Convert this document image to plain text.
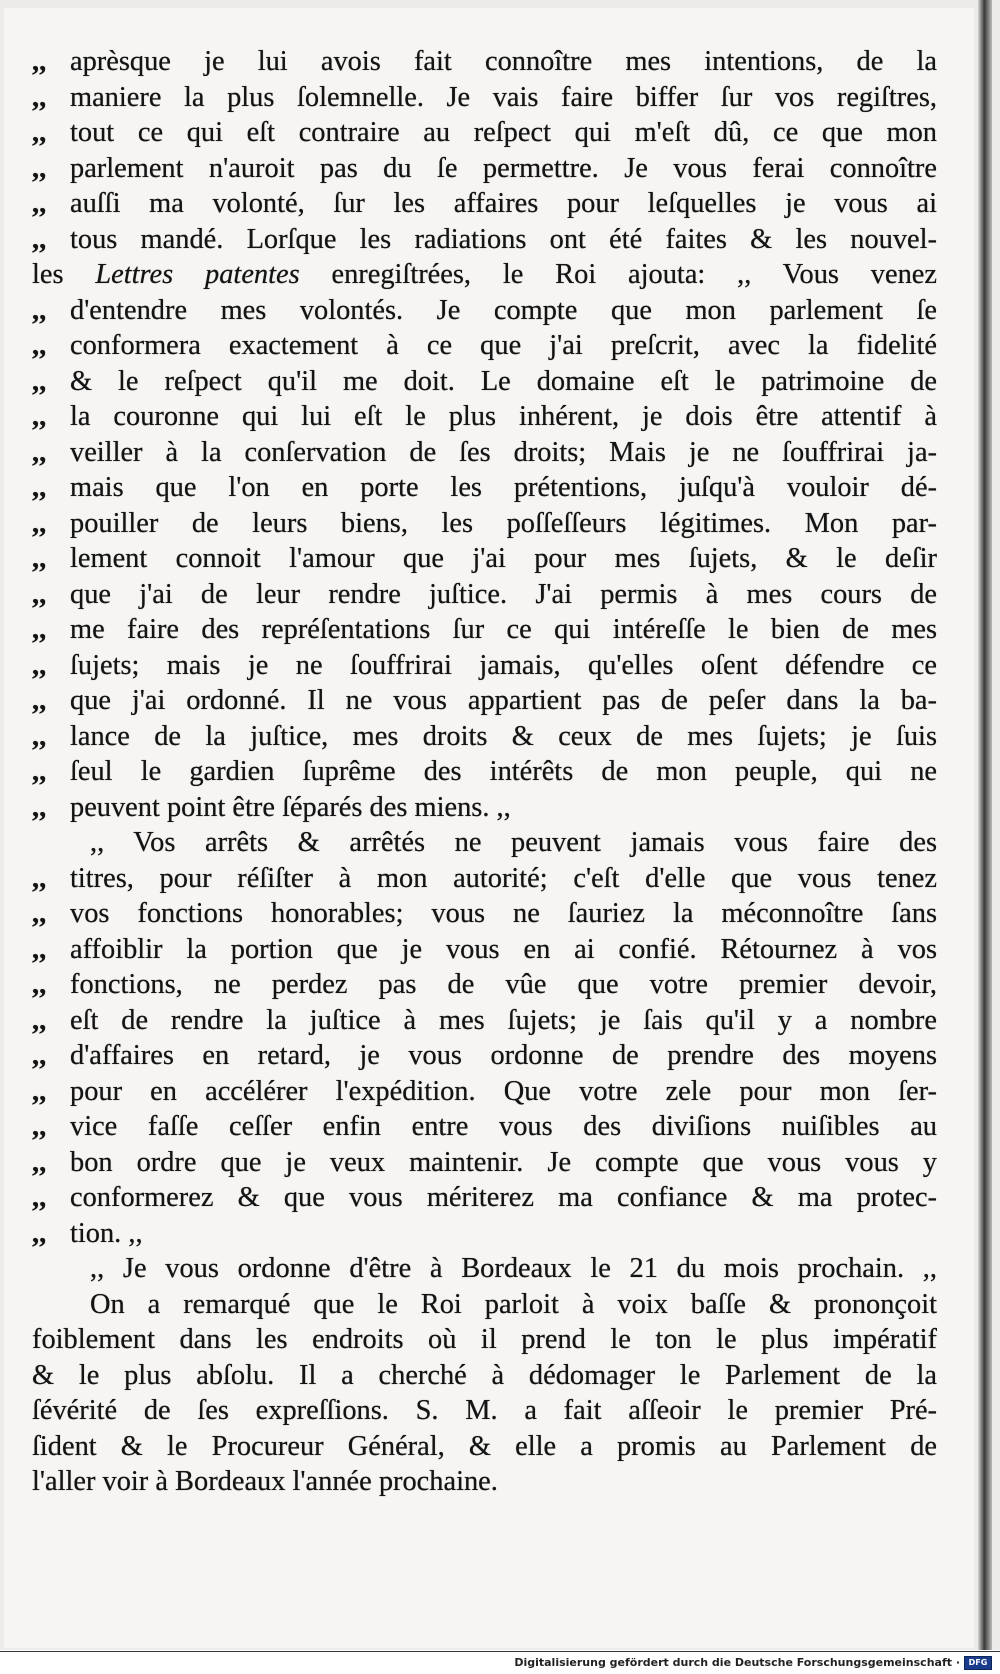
,, aprèsque je lui avois fait connoître mes intentions, de la
,, maniere la plus ſolemnelle. Je vais faire biffer ſur vos regiſtres,
,, tout ce qui eſt contraire au reſpect qui m'eſt dû, ce que mon
,, parlement n'auroit pas du ſe permettre. Je vous ferai connoître
,, auſſi ma volonté, ſur les affaires pour leſquelles je vous ai
,, tous mandé. Lorſque les radiations ont été faites & les nouvel-
les Lettres patentes enregiſtrées, le Roi ajouta: ,, Vous venez
,, d'entendre mes volontés. Je compte que mon parlement ſe
,, conformera exactement à ce que j'ai preſcrit, avec la fidelité
,, & le reſpect qu'il me doit. Le domaine eſt le patrimoine de
,, la couronne qui lui eſt le plus inhérent, je dois être attentif à
,, veiller à la conſervation de ſes droits; Mais je ne ſouffrirai ja-
,, mais que l'on en porte les prétentions, juſqu'à vouloir dé-
,, pouiller de leurs biens, les poſſeſſeurs légitimes. Mon par-
,, lement connoit l'amour que j'ai pour mes ſujets, & le deſir
,, que j'ai de leur rendre juſtice. J'ai permis à mes cours de
,, me faire des repréſentations ſur ce qui intéreſſe le bien de mes
,, ſujets; mais je ne ſouffrirai jamais, qu'elles oſent défendre ce
,, que j'ai ordonné. Il ne vous appartient pas de peſer dans la ba-
,, lance de la juſtice, mes droits & ceux de mes ſujets; je ſuis
,, ſeul le gardien ſuprême des intérêts de mon peuple, qui ne
,, peuvent point être ſéparés des miens. ,,
,, Vos arrêts & arrêtés ne peuvent jamais vous faire des
,, titres, pour réſiſter à mon autorité; c'eſt d'elle que vous tenez
,, vos fonctions honorables; vous ne ſauriez la méconnoître ſans
,, affoiblir la portion que je vous en ai confié. Rétournez à vos
,, fonctions, ne perdez pas de vûe que votre premier devoir,
,, eſt de rendre la juſtice à mes ſujets; je ſais qu'il y a nombre
,, d'affaires en retard, je vous ordonne de prendre des moyens
,, pour en accélérer l'expédition. Que votre zele pour mon ſer-
,, vice faſſe ceſſer enfin entre vous des diviſions nuiſibles au
,, bon ordre que je veux maintenir. Je compte que vous vous y
,, conformerez & que vous mériterez ma confiance & ma protec-
,, tion. ,,
,, Je vous ordonne d'être à Bordeaux le 21 du mois prochain. ,,
On a remarqué que le Roi parloit à voix baſſe & prononçoit
foiblement dans les endroits où il prend le ton le plus impératif
& le plus abſolu. Il a cherché à dédomager le Parlement de la
ſévérité de ſes expreſſions. S. M. a fait aſſeoir le premier Pré-
ſident & le Procureur Général, & elle a promis au Parlement de
l'aller voir à Bordeaux l'année prochaine.
Digitalisierung gefördert durch die Deutsche Forschungsgemeinschaft ·	DFG
